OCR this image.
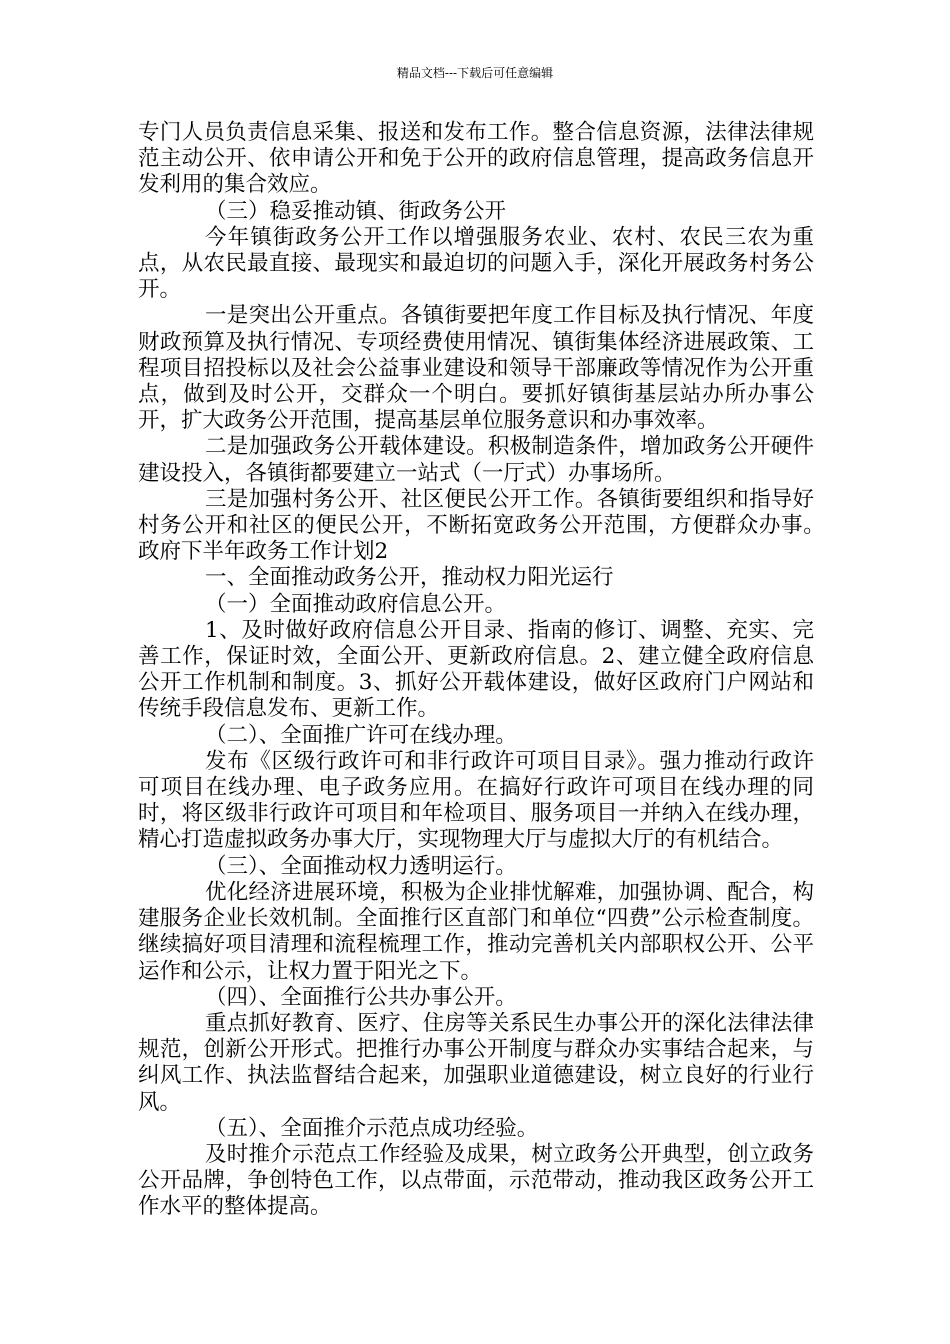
精品文档---下载后可任意编辑

专门人员负责信息采集、报送和发布工作。整合信息资源，法律法律规范主动公开、依申请公开和免于公开的政府信息管理，提高政务信息开发利用的集合效应。

（三）稳妥推动镇、街政务公开

今年镇街政务公开工作以增强服务农业、农村、农民三农为重点，从农民最直接、最现实和最迫切的问题入手，深化开展政务村务公开。

一是突出公开重点。各镇街要把年度工作目标及执行情况、年度财政预算及执行情况、专项经费使用情况、镇街集体经济进展政策、工程项目招投标以及社会公益事业建设和领导干部廉政等情况作为公开重点，做到及时公开，交群众一个明白。要抓好镇街基层站办所办事公开，扩大政务公开范围，提高基层单位服务意识和办事效率。

二是加强政务公开载体建设。积极制造条件，增加政务公开硬件建设投入，各镇街都要建立一站式（一厅式）办事场所。

三是加强村务公开、社区便民公开工作。各镇街要组织和指导好村务公开和社区的便民公开，不断拓宽政务公开范围，方便群众办事。　　政府下半年政务工作计划2

一、全面推动政务公开，推动权力阳光运行

（一）全面推动政府信息公开。

1、及时做好政府信息公开目录、指南的修订、调整、充实、完善工作，保证时效，全面公开、更新政府信息。2、建立健全政府信息公开工作机制和制度。3、抓好公开载体建设，做好区政府门户网站和传统手段信息发布、更新工作。

（二）、全面推广许可在线办理。

发布《区级行政许可和非行政许可项目目录》。强力推动行政许可项目在线办理、电子政务应用。在搞好行政许可项目在线办理的同时，将区级非行政许可项目和年检项目、服务项目一并纳入在线办理，精心打造虚拟政务办事大厅，实现物理大厅与虚拟大厅的有机结合。

（三）、全面推动权力透明运行。

优化经济进展环境，积极为企业排忧解难，加强协调、配合，构建服务企业长效机制。全面推行区直部门和单位“四费”公示检查制度。继续搞好项目清理和流程梳理工作，推动完善机关内部职权公开、公平运作和公示，让权力置于阳光之下。

（四）、全面推行公共办事公开。

重点抓好教育、医疗、住房等关系民生办事公开的深化法律法律规范，创新公开形式。把推行办事公开制度与群众办实事结合起来，与纠风工作、执法监督结合起来，加强职业道德建设，树立良好的行业行风。

（五）、全面推介示范点成功经验。

及时推介示范点工作经验及成果，树立政务公开典型，创立政务公开品牌，争创特色工作，以点带面，示范带动，推动我区政务公开工作水平的整体提高。
